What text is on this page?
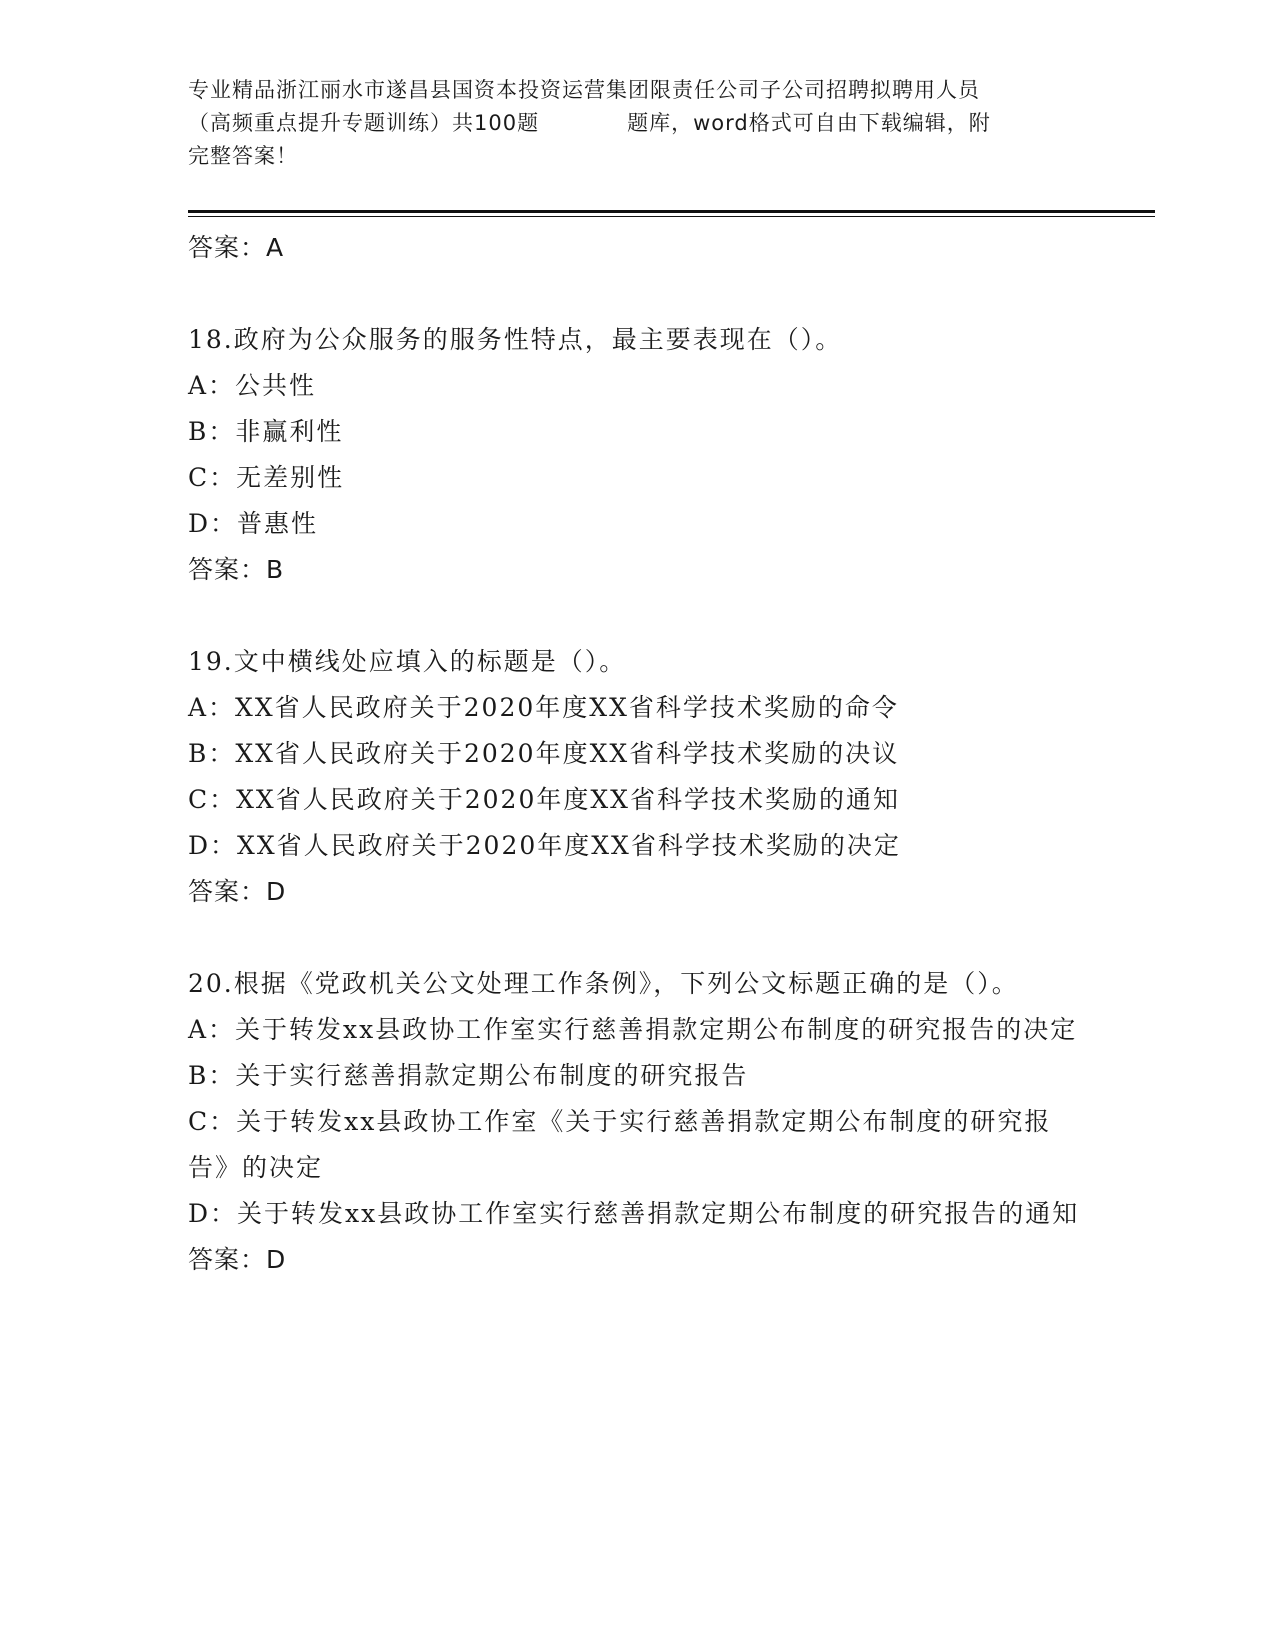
专业精品浙江丽水市遂昌县国资本投资运营集团限责任公司子公司招聘拟聘用人员
（高频重点提升专题训练）共100题　　　　题库，word格式可自由下载编辑，附
完整答案！
答案：A
18.政府为公众服务的服务性特点，最主要表现在（）。
A：公共性
B：非赢利性
C：无差别性
D：普惠性
答案：B
19.文中横线处应填入的标题是（）。
A：XX省人民政府关于2020年度XX省科学技术奖励的命令
B：XX省人民政府关于2020年度XX省科学技术奖励的决议
C：XX省人民政府关于2020年度XX省科学技术奖励的通知
D：XX省人民政府关于2020年度XX省科学技术奖励的决定
答案：D
20.根据《党政机关公文处理工作条例》，下列公文标题正确的是（）。
A：关于转发xx县政协工作室实行慈善捐款定期公布制度的研究报告的决定
B：关于实行慈善捐款定期公布制度的研究报告
C：关于转发xx县政协工作室《关于实行慈善捐款定期公布制度的研究报告》的决定
D：关于转发xx县政协工作室实行慈善捐款定期公布制度的研究报告的通知
答案：D
